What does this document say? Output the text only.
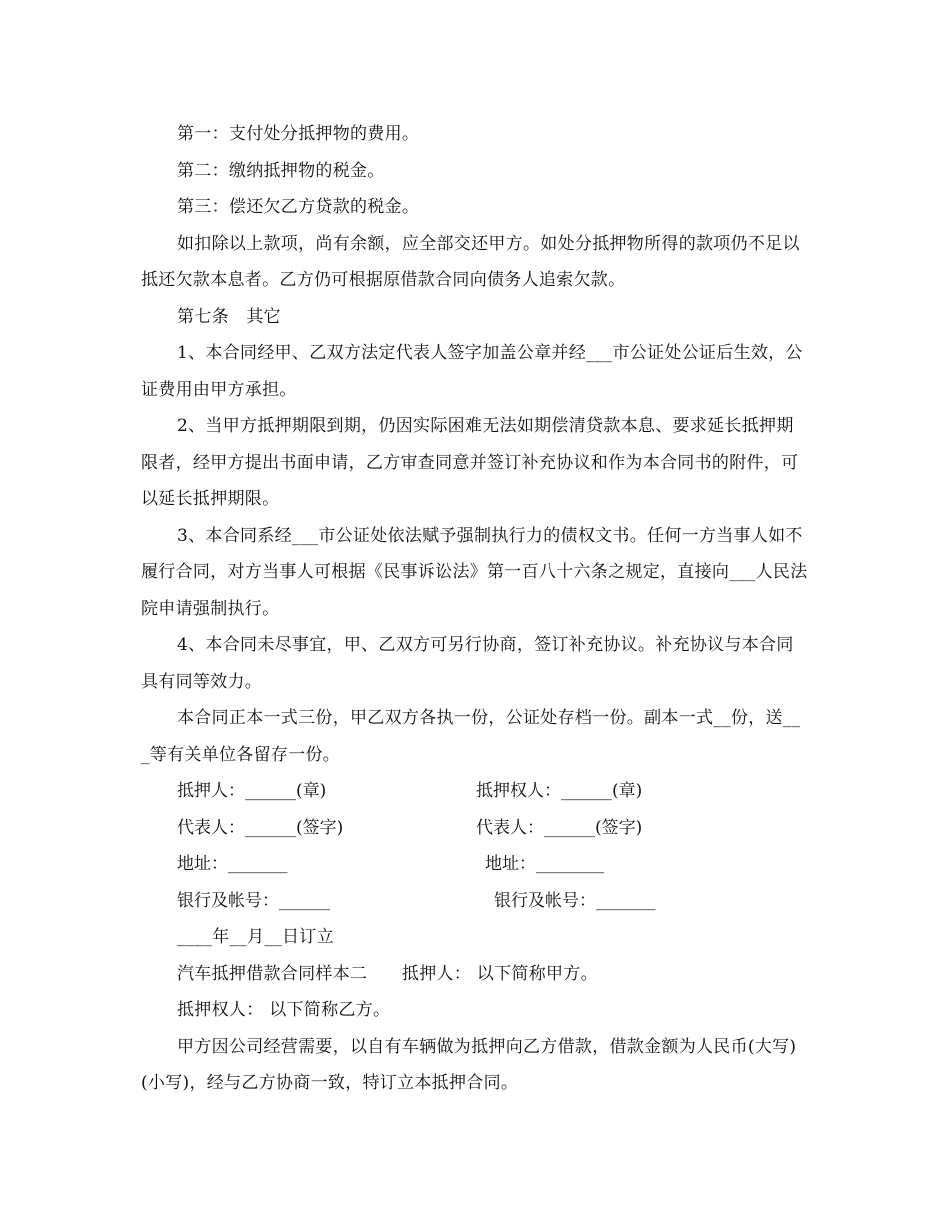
第一：支付处分抵押物的费用。

第二：缴纳抵押物的税金。

第三：偿还欠乙方贷款的税金。

如扣除以上款项，尚有余额，应全部交还甲方。如处分抵押物所得的款项仍不足以抵还欠款本息者。乙方仍可根据原借款合同向债务人追索欠款。

第七条　其它

1、本合同经甲、乙双方法定代表人签字加盖公章并经___市公证处公证后生效，公证费用由甲方承担。

2、当甲方抵押期限到期，仍因实际困难无法如期偿清贷款本息、要求延长抵押期限者，经甲方提出书面申请，乙方审查同意并签订补充协议和作为本合同书的附件，可以延长抵押期限。

3、本合同系经___市公证处依法赋予强制执行力的债权文书。任何一方当事人如不履行合同，对方当事人可根据《民事诉讼法》第一百八十六条之规定，直接向___人民法院申请强制执行。

4、本合同未尽事宜，甲、乙双方可另行协商，签订补充协议。补充协议与本合同具有同等效力。

本合同正本一式三份，甲乙双方各执一份，公证处存档一份。副本一式__份，送___等有关单位各留存一份。

抵押人：______(章)	抵押权人：______(章)
代表人：______(签字)	代表人：______(签字)
地址：_______	地址：________
银行及帐号：______	银行及帐号：_______

____年__月__日订立

汽车抵押借款合同样本二　　抵押人： 以下简称甲方。

抵押权人： 以下简称乙方。

甲方因公司经营需要，以自有车辆做为抵押向乙方借款，借款金额为人民币(大写) (小写)，经与乙方协商一致，特订立本抵押合同。
